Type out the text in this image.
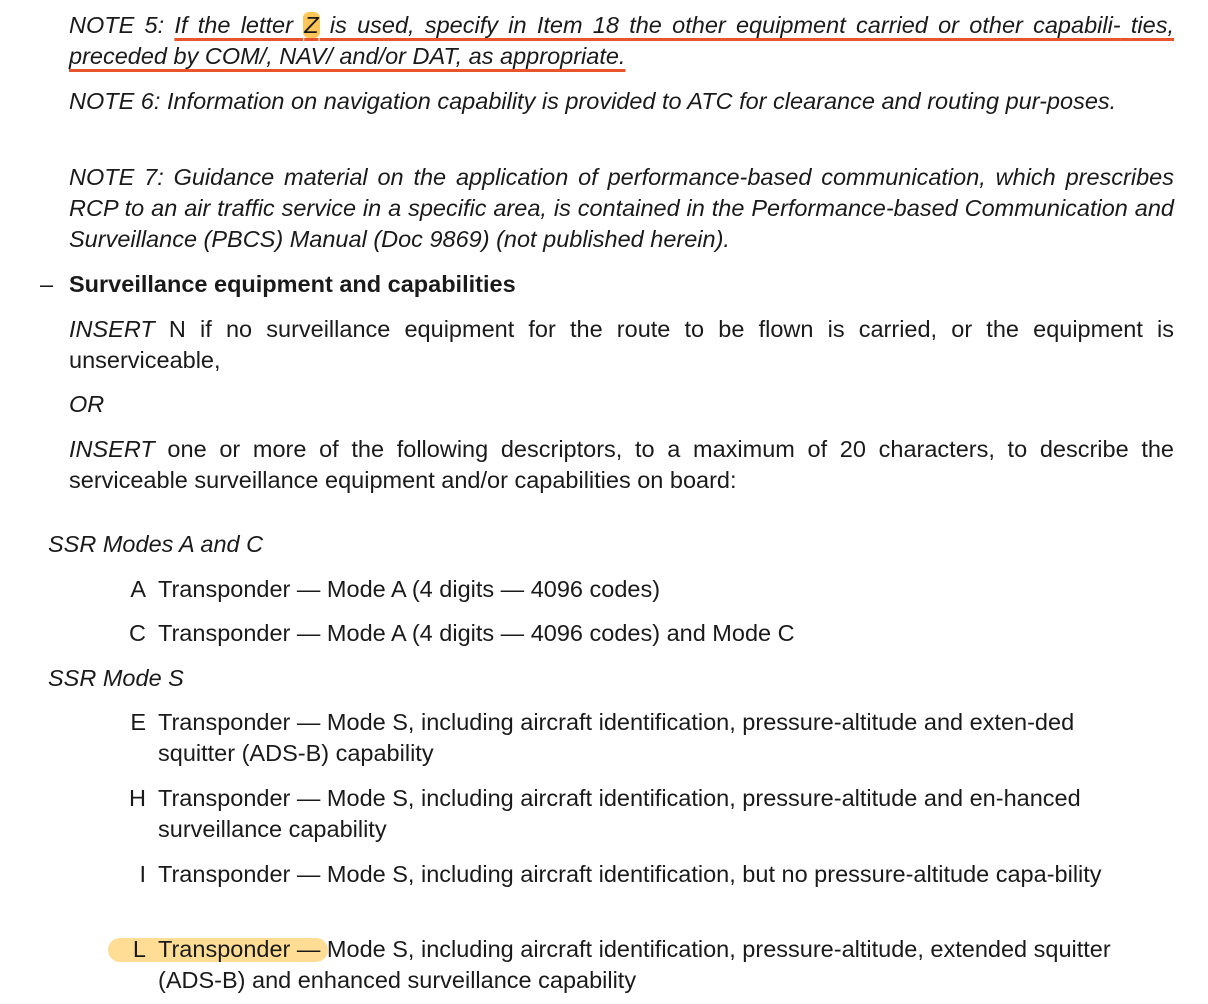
NOTE 5: If the letter Z is used, specify in Item 18 the other equipment carried or other capabili- ties, preceded by COM/, NAV/ and/or DAT, as appropriate.

NOTE 6: Information on navigation capability is provided to ATC for clearance and routing pur-poses.

NOTE 7: Guidance material on the application of performance-based communication, which prescribes RCP to an air traffic service in a specific area, is contained in the Performance-based Communication and Surveillance (PBCS) Manual (Doc 9869) (not published herein).

– Surveillance equipment and capabilities

INSERT N if no surveillance equipment for the route to be flown is carried, or the equipment is unserviceable,

OR

INSERT one or more of the following descriptors, to a maximum of 20 characters, to describe the serviceable surveillance equipment and/or capabilities on board:

SSR Modes A and C
A Transponder — Mode A (4 digits — 4096 codes)
C Transponder — Mode A (4 digits — 4096 codes) and Mode C
SSR Mode S
E Transponder — Mode S, including aircraft identification, pressure-altitude and exten-ded squitter (ADS-B) capability
H Transponder — Mode S, including aircraft identification, pressure-altitude and en-hanced surveillance capability
I Transponder — Mode S, including aircraft identification, but no pressure-altitude capa-bility
L Transponder — Mode S, including aircraft identification, pressure-altitude, extended squitter (ADS-B) and enhanced surveillance capability
